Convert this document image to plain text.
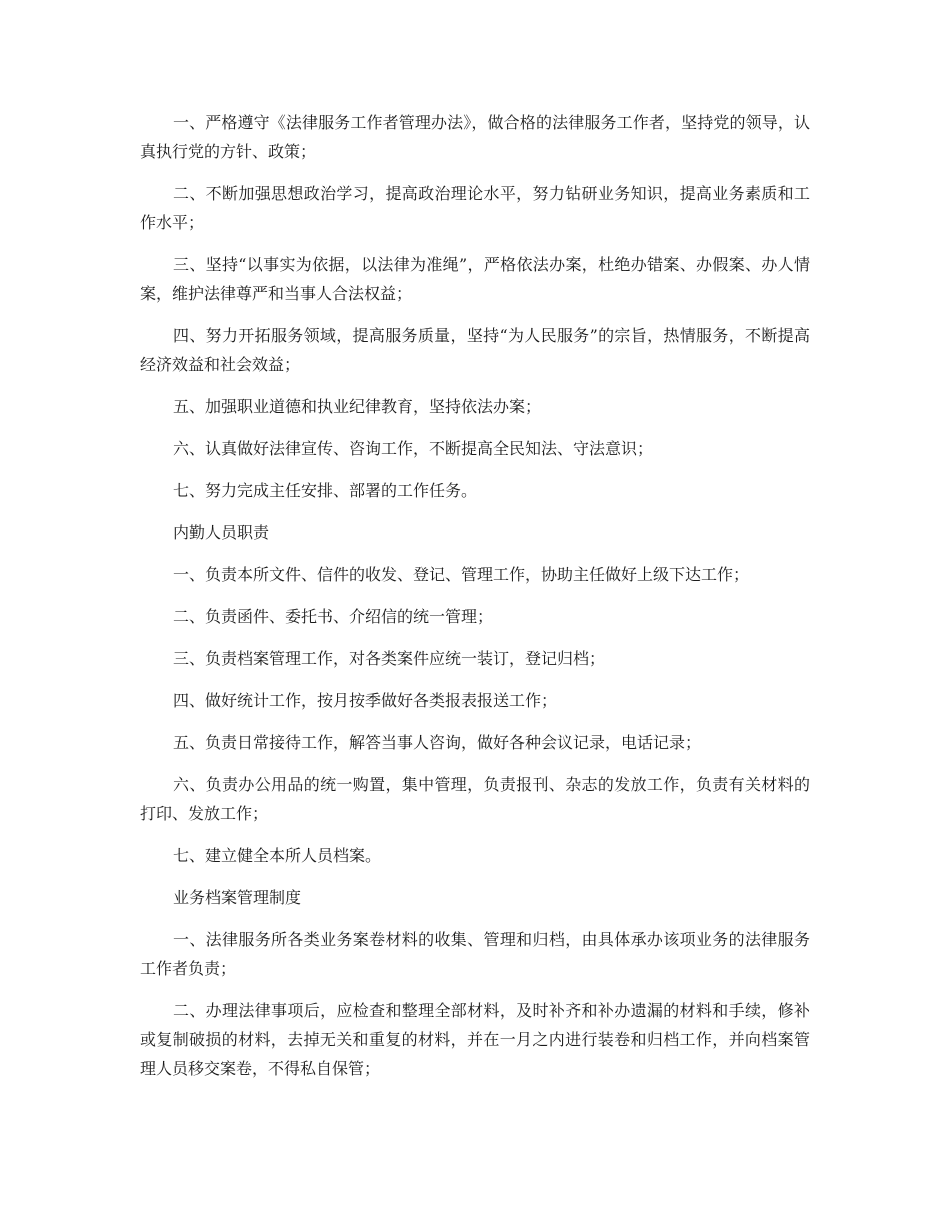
一、严格遵守《法律服务工作者管理办法》，做合格的法律服务工作者，坚持党的领导，认真执行党的方针、政策；

二、不断加强思想政治学习，提高政治理论水平，努力钻研业务知识，提高业务素质和工作水平；

三、坚持“以事实为依据，以法律为准绳”，严格依法办案，杜绝办错案、办假案、办人情案，维护法律尊严和当事人合法权益；

四、努力开拓服务领域，提高服务质量，坚持“为人民服务”的宗旨，热情服务，不断提高经济效益和社会效益；

五、加强职业道德和执业纪律教育，坚持依法办案；

六、认真做好法律宣传、咨询工作，不断提高全民知法、守法意识；

七、努力完成主任安排、部署的工作任务。

内勤人员职责

一、负责本所文件、信件的收发、登记、管理工作，协助主任做好上级下达工作；

二、负责函件、委托书、介绍信的统一管理；

三、负责档案管理工作，对各类案件应统一装订，登记归档；

四、做好统计工作，按月按季做好各类报表报送工作；

五、负责日常接待工作，解答当事人咨询，做好各种会议记录，电话记录；

六、负责办公用品的统一购置，集中管理，负责报刊、杂志的发放工作，负责有关材料的打印、发放工作；

七、建立健全本所人员档案。

业务档案管理制度

一、法律服务所各类业务案卷材料的收集、管理和归档，由具体承办该项业务的法律服务工作者负责；

二、办理法律事项后，应检查和整理全部材料，及时补齐和补办遗漏的材料和手续，修补或复制破损的材料，去掉无关和重复的材料，并在一月之内进行装卷和归档工作，并向档案管理人员移交案卷，不得私自保管；
